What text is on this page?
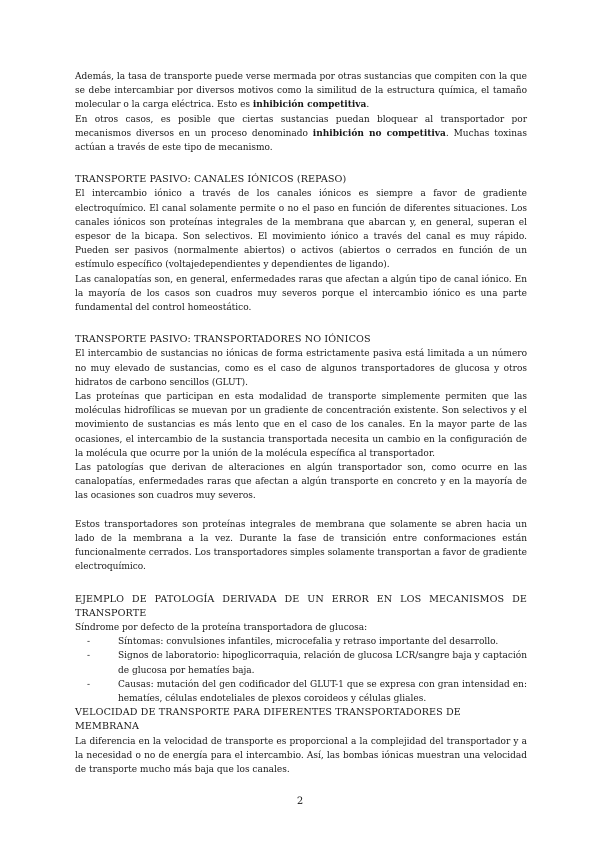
Además, la tasa de transporte puede verse mermada por otras sustancias que compiten con la que se debe intercambiar por diversos motivos como la similitud de la estructura química, el tamaño molecular o la carga eléctrica. Esto es inhibición competitiva.

En otros casos, es posible que ciertas sustancias puedan bloquear al transportador por mecanismos diversos en un proceso denominado inhibición no competitiva. Muchas toxinas actúan a través de este tipo de mecanismo.

TRANSPORTE PASIVO: CANALES IÓNICOS (REPASO)

El intercambio iónico a través de los canales iónicos es siempre a favor de gradiente electroquímico. El canal solamente permite o no el paso en función de diferentes situaciones. Los canales iónicos son proteínas integrales de la membrana que abarcan y, en general, superan el espesor de la bicapa. Son selectivos. El movimiento iónico a través del canal es muy rápido. Pueden ser pasivos (normalmente abiertos) o activos (abiertos o cerrados en función de un estímulo específico (voltajedependientes y dependientes de ligando).

Las canalopatías son, en general, enfermedades raras que afectan a algún tipo de canal iónico. En la mayoría de los casos son cuadros muy severos porque el intercambio iónico es una parte fundamental del control homeostático.

TRANSPORTE PASIVO: TRANSPORTADORES NO IÓNICOS

El intercambio de sustancias no iónicas de forma estrictamente pasiva está limitada a un número no muy elevado de sustancias, como es el caso de algunos transportadores de glucosa y otros hidratos de carbono sencillos (GLUT).

Las proteínas que participan en esta modalidad de transporte simplemente permiten que las moléculas hidrofílicas se muevan por un gradiente de concentración existente. Son selectivos y el movimiento de sustancias es más lento que en el caso de los canales. En la mayor parte de las ocasiones, el intercambio de la sustancia transportada necesita un cambio en la configuración de la molécula que ocurre por la unión de la molécula específica al transportador.

Las patologías que derivan de alteraciones en algún transportador son, como ocurre en las canalopatías, enfermedades raras que afectan a algún transporte en concreto y en la mayoría de las ocasiones son cuadros muy severos.

Estos transportadores son proteínas integrales de membrana que solamente se abren hacia un lado de la membrana a la vez. Durante la fase de transición entre conformaciones están funcionalmente cerrados. Los transportadores simples solamente transportan a favor de gradiente electroquímico.

EJEMPLO DE PATOLOGÍA DERIVADA DE UN ERROR EN LOS MECANISMOS DE TRANSPORTE

Síndrome por defecto de la proteína transportadora de glucosa:

-	Síntomas: convulsiones infantiles, microcefalia y retraso importante del desarrollo.
-	Signos de laboratorio: hipoglicorraquia, relación de glucosa LCR/sangre baja y captación de glucosa por hematíes baja.
-	Causas: mutación del gen codificador del GLUT-1 que se expresa con gran intensidad en: hematíes, células endoteliales de plexos coroideos y células gliales.
VELOCIDAD DE TRANSPORTE PARA DIFERENTES TRANSPORTADORES DE MEMBRANA

La diferencia en la velocidad de transporte es proporcional a la complejidad del transportador y a la necesidad o no de energía para el intercambio. Así, las bombas iónicas muestran una velocidad de transporte mucho más baja que los canales.

2
